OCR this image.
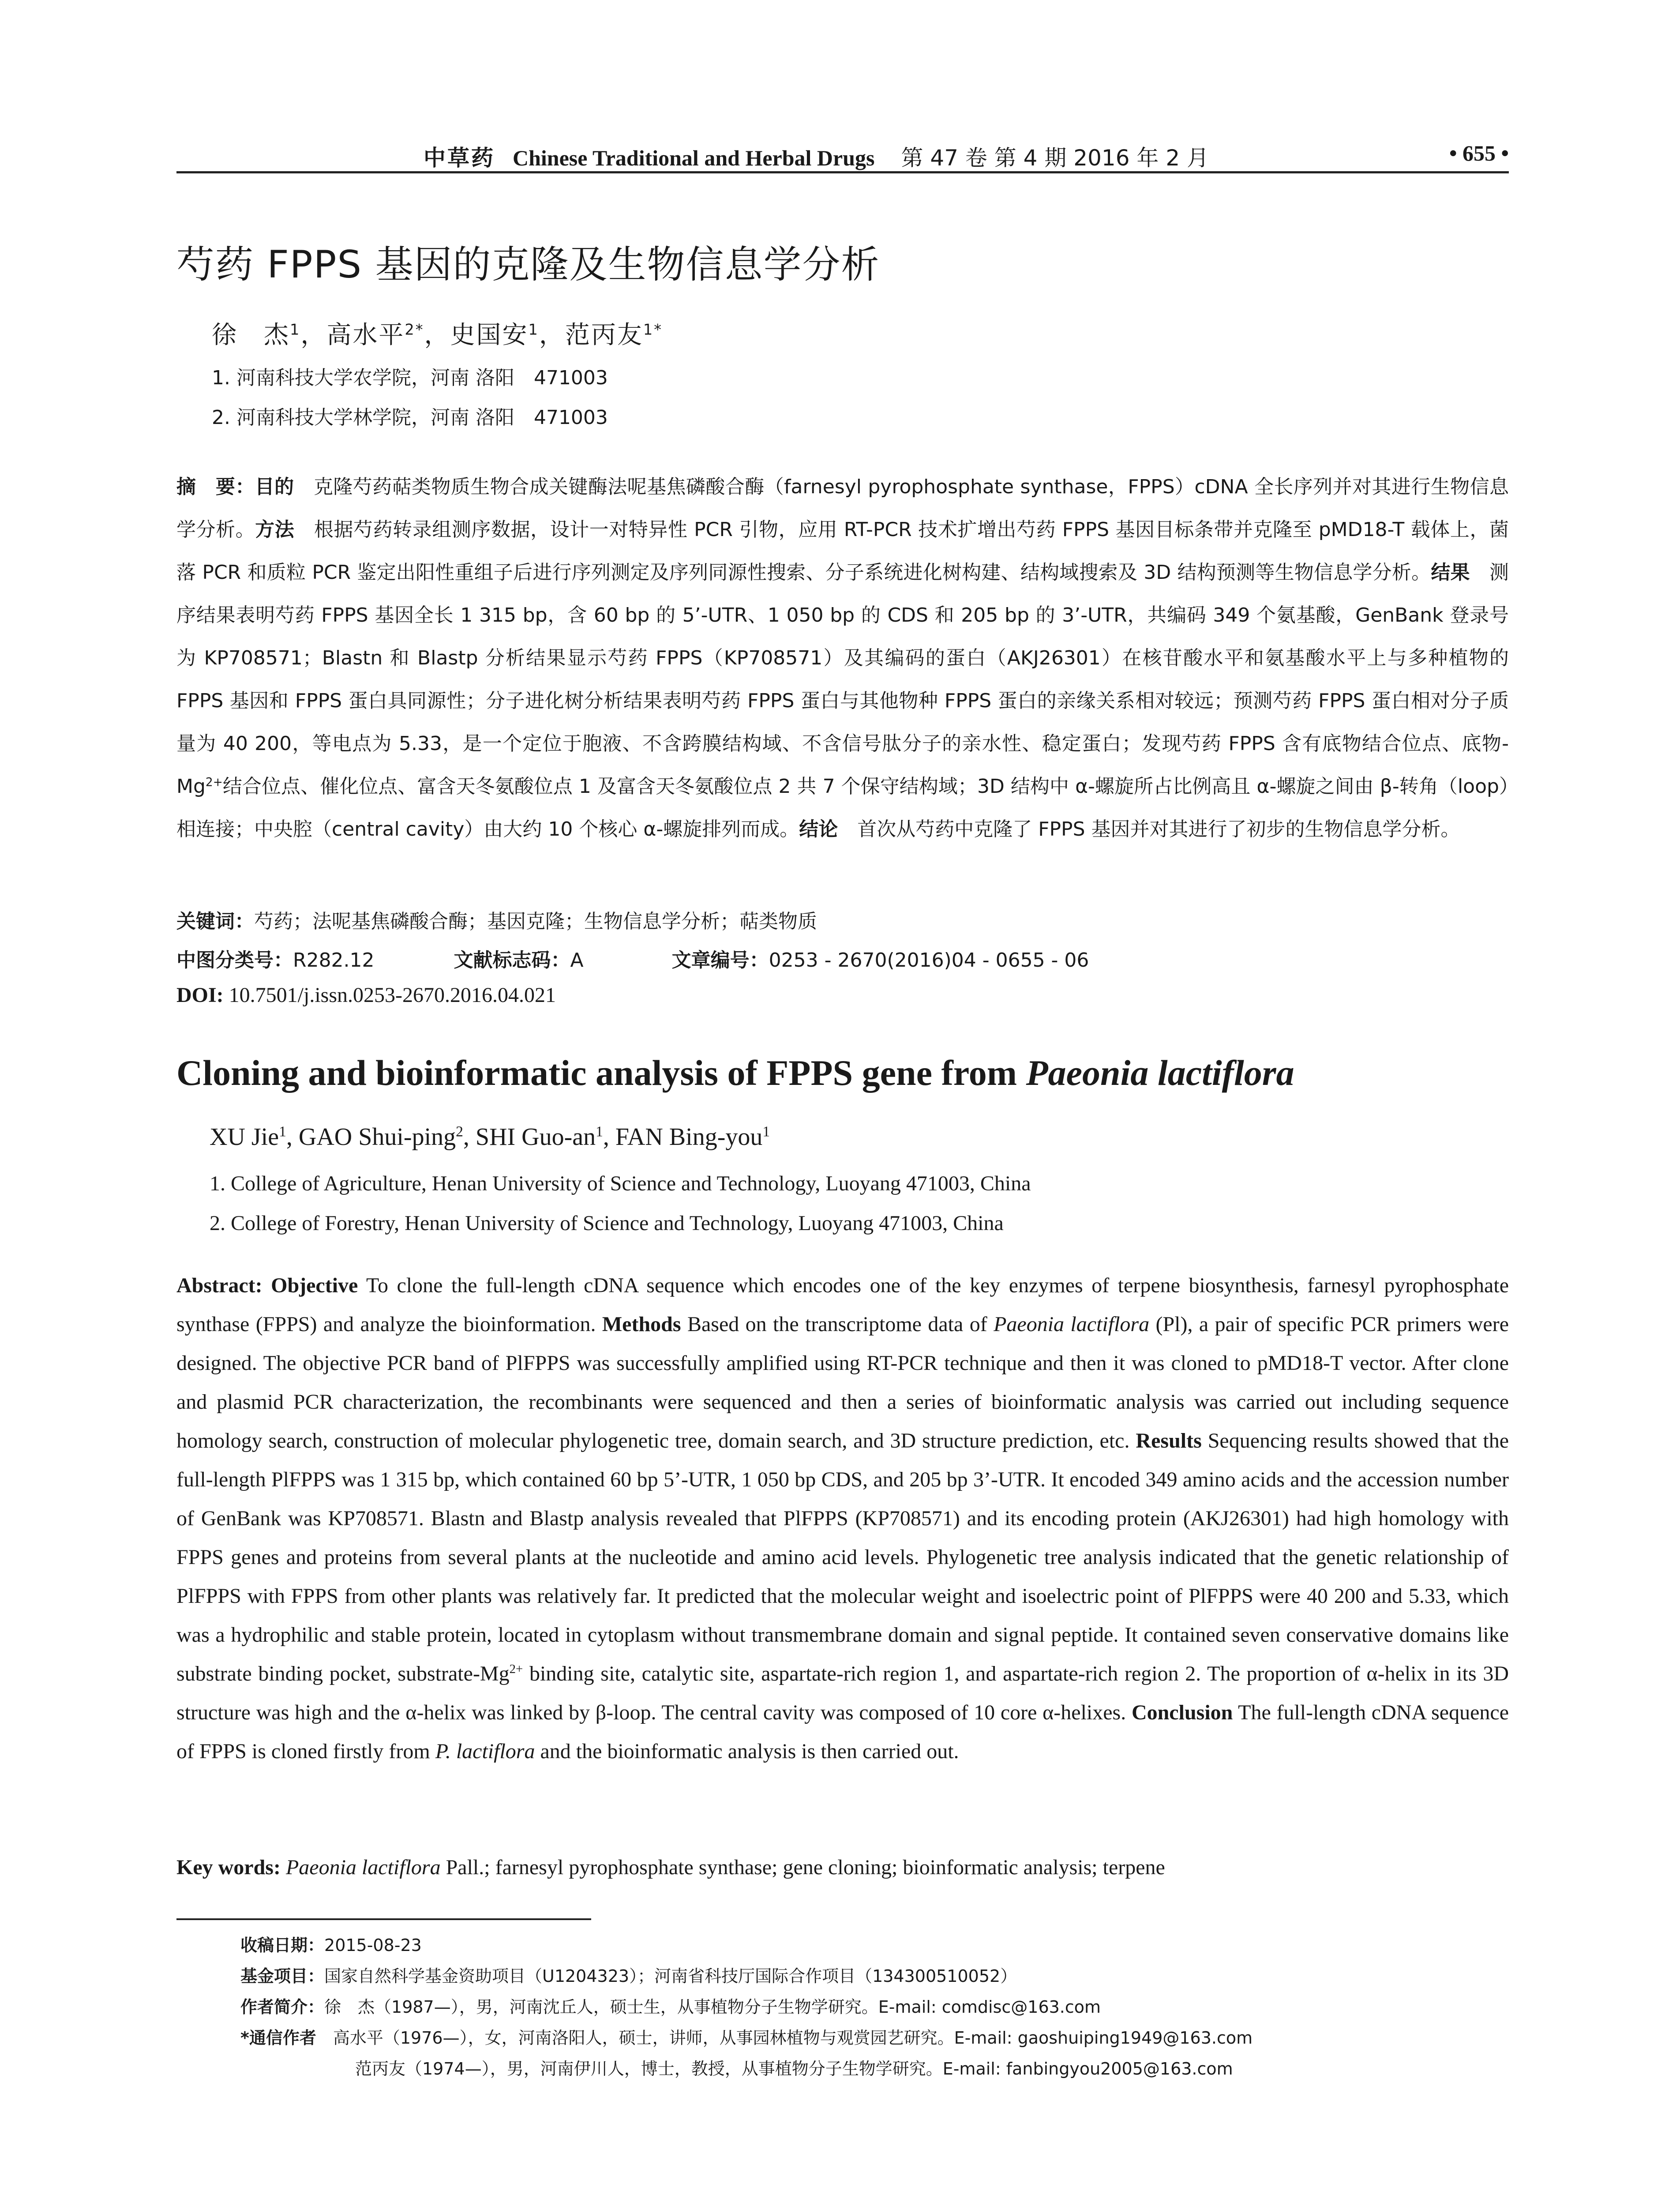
中草药 Chinese Traditional and Herbal Drugs 第 47 卷 第 4 期 2016 年 2 月	• 655 •
芍药 FPPS 基因的克隆及生物信息学分析
徐　杰$^1$，高水平$^{2*}$，史国安$^1$，范丙友$^{1*}$
1. 河南科技大学农学院，河南 洛阳　471003
2. 河南科技大学林学院，河南 洛阳　471003
摘　要：目的　克隆芍药萜类物质生物合成关键酶法呢基焦磷酸合酶（farnesyl pyrophosphate synthase，FPPS）cDNA 全长序列并对其进行生物信息学分析。方法　根据芍药转录组测序数据，设计一对特异性 PCR 引物，应用 RT-PCR 技术扩增出芍药 FPPS 基因目标条带并克隆至 pMD18-T 载体上，菌落 PCR 和质粒 PCR 鉴定出阳性重组子后进行序列测定及序列同源性搜索、分子系统进化树构建、结构域搜索及 3D 结构预测等生物信息学分析。结果　测序结果表明芍药 FPPS 基因全长 1 315 bp，含 60 bp 的 5’-UTR、1 050 bp 的 CDS 和 205 bp 的 3’-UTR，共编码 349 个氨基酸，GenBank 登录号为 KP708571；Blastn 和 Blastp 分析结果显示芍药 FPPS（KP708571）及其编码的蛋白（AKJ26301）在核苷酸水平和氨基酸水平上与多种植物的 FPPS 基因和 FPPS 蛋白具同源性；分子进化树分析结果表明芍药 FPPS 蛋白与其他物种 FPPS 蛋白的亲缘关系相对较远；预测芍药 FPPS 蛋白相对分子质量为 40 200，等电点为 5.33，是一个定位于胞液、不含跨膜结构域、不含信号肽分子的亲水性、稳定蛋白；发现芍药 FPPS 含有底物结合位点、底物$-Mg^{2+}$结合位点、催化位点、富含天冬氨酸位点 1 及富含天冬氨酸位点 2 共 7 个保守结构域；3D 结构中 α-螺旋所占比例高且 α-螺旋之间由 β-转角（loop）相连接；中央腔（central cavity）由大约 10 个核心 α-螺旋排列而成。结论　首次从芍药中克隆了 FPPS 基因并对其进行了初步的生物信息学分析。
关键词：芍药；法呢基焦磷酸合酶；基因克隆；生物信息学分析；萜类物质
中图分类号：R282.12	文献标志码：A	文章编号：0253 - 2670(2016)04 - 0655 - 06
DOI: 10.7501/j.issn.0253-2670.2016.04.021
Cloning and bioinformatic analysis of FPPS gene from Paeonia lactiflora
XU Jie$^1$, GAO Shui-ping$^2$, SHI Guo-$an^1$, FAN Bing-you$^1$
1. College of Agriculture, Henan University of Science and Technology, Luoyang 471003, China
2. College of Forestry, Henan University of Science and Technology, Luoyang 471003, China
Abstract: Objective To clone the full-length cDNA sequence which encodes one of the key enzymes of terpene biosynthesis, farnesyl pyrophosphate synthase (FPPS) and analyze the bioinformation. Methods Based on the transcriptome data of Paeonia lactiflora (Pl), a pair of specific PCR primers were designed. The objective PCR band of PlFPPS was successfully amplified using RT-PCR technique and then it was cloned to pMD18-T vector. After clone and plasmid PCR characterization, the recombinants were sequenced and then a series of bioinformatic analysis was carried out including sequence homology search, construction of molecular phylogenetic tree, domain search, and 3D structure prediction, etc. Results Sequencing results showed that the full-length PlFPPS was 1 315 bp, which contained 60 bp 5’-UTR, 1 050 bp CDS, and 205 bp 3’-UTR. It encoded 349 amino acids and the accession number of GenBank was KP708571. Blastn and Blastp analysis revealed that PlFPPS (KP708571) and its encoding protein (AKJ26301) had high homology with FPPS genes and proteins from several plants at the nucleotide and amino acid levels. Phylogenetic tree analysis indicated that the genetic relationship of PlFPPS with FPPS from other plants was relatively far. It predicted that the molecular weight and isoelectric point of PlFPPS were 40 200 and 5.33, which was a hydrophilic and stable protein, located in cytoplasm without transmembrane domain and signal peptide. It contained seven conservative domains like substrate binding pocket, substrate-$Mg^{2+}$ binding site, catalytic site, aspartate-rich region 1, and aspartate-rich region 2. The proportion of α-helix in its 3D structure was high and the α-helix was linked by β-loop. The central cavity was composed of 10 core α-helixes. Conclusion The full-length cDNA sequence of FPPS is cloned firstly from P. lactiflora and the bioinformatic analysis is then carried out.
Key words: Paeonia lactiflora Pall.; farnesyl pyrophosphate synthase; gene cloning; bioinformatic analysis; terpene
收稿日期：2015-08-23
基金项目：国家自然科学基金资助项目（U1204323）；河南省科技厅国际合作项目（134300510052）
作者简介：徐　杰（1987—），男，河南沈丘人，硕士生，从事植物分子生物学研究。E-mail: comdisc@163.com
*通信作者　高水平（1976—），女，河南洛阳人，硕士，讲师，从事园林植物与观赏园艺研究。E-mail: gaoshuiping1949@163.com
范丙友（1974—），男，河南伊川人，博士，教授，从事植物分子生物学研究。E-mail: fanbingyou2005@163.com
